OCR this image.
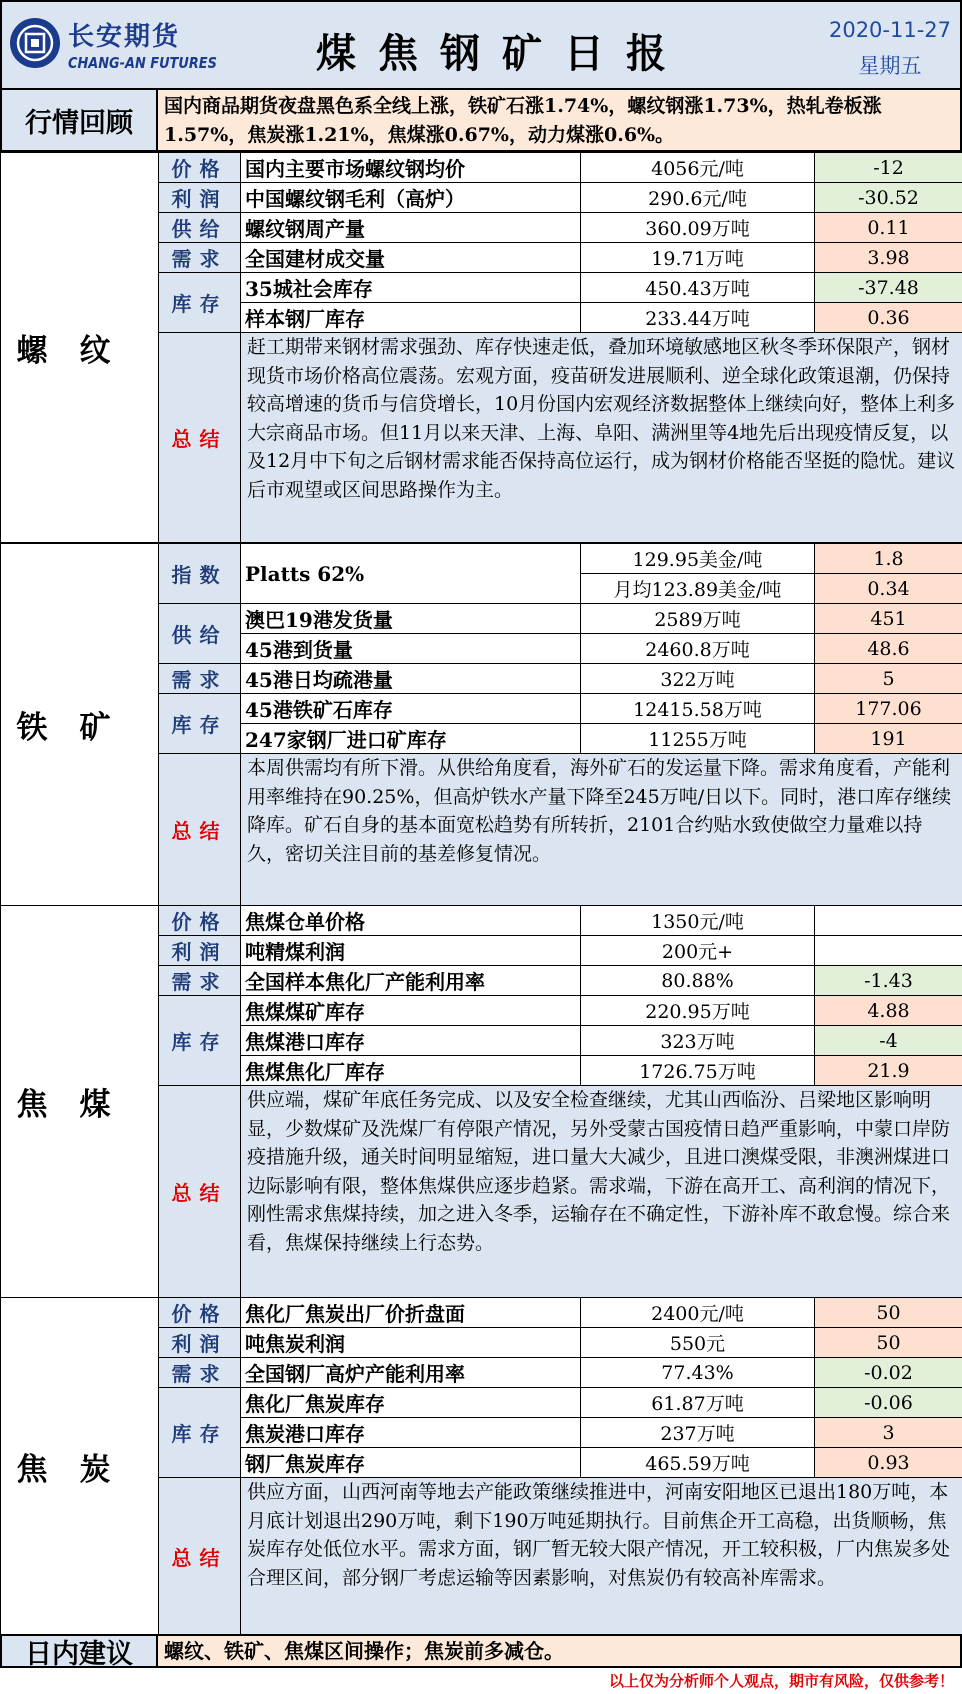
长安期货
CHANG-AN FUTURES	煤焦钢矿日报
2020-11-27
星期五
行情回顾
国内商品期货夜盘黑色系全线上涨，铁矿石涨1.74%，螺纹钢涨1.73%，热轧卷板涨1.57%，焦炭涨1.21%，焦煤涨0.67%，动力煤涨0.6%。
螺纹	价格	国内主要市场螺纹钢均价	4056元/吨	-12
	利润	中国螺纹钢毛利（高炉）	290.6元/吨	-30.52
	供给	螺纹钢周产量	360.09万吨	0.11
	需求	全国建材成交量	19.71万吨	3.98
	库存	35城社会库存	450.43万吨	-37.48
		样本钢厂库存	233.44万吨	0.36
	总结	赶工期带来钢材需求强劲、库存快速走低，叠加环境敏感地区秋冬季环保限产，钢材现货市场价格高位震荡。宏观方面，疫苗研发进展顺利、逆全球化政策退潮，仍保持较高增速的货币与信贷增长，10月份国内宏观经济数据整体上继续向好，整体上利多大宗商品市场。但11月以来天津、上海、阜阳、满洲里等4地先后出现疫情反复，以及12月中下旬之后钢材需求能否保持高位运行，成为钢材价格能否坚挺的隐忧。建议后市观望或区间思路操作为主。		
铁矿	指数	Platts 62%	129.95美金/吨	1.8
			月均123.89美金/吨	0.34
	供给	澳巴19港发货量	2589万吨	451
		45港到货量	2460.8万吨	48.6
	需求	45港日均疏港量	322万吨	5
	库存	45港铁矿石库存	12415.58万吨	177.06
		247家钢厂进口矿库存	11255万吨	191
	总结	本周供需均有所下滑。从供给角度看，海外矿石的发运量下降。需求角度看，产能利用率维持在90.25%，但高炉铁水产量下降至245万吨/日以下。同时，港口库存继续降库。矿石自身的基本面宽松趋势有所转折，2101合约贴水致使做空力量难以持久，密切关注目前的基差修复情况。		
焦煤	价格	焦煤仓单价格	1350元/吨	
	利润	吨精煤利润	200元+	
	需求	全国样本焦化厂产能利用率	80.88%	-1.43
	库存	焦煤煤矿库存	220.95万吨	4.88
		焦煤港口库存	323万吨	-4
		焦煤焦化厂库存	1726.75万吨	21.9
	总结	供应端，煤矿年底任务完成、以及安全检查继续，尤其山西临汾、吕梁地区影响明显，少数煤矿及洗煤厂有停限产情况，另外受蒙古国疫情日趋严重影响，中蒙口岸防疫措施升级，通关时间明显缩短，进口量大大减少，且进口澳煤受限，非澳洲煤进口边际影响有限，整体焦煤供应逐步趋紧。需求端，下游在高开工、高利润的情况下，刚性需求焦煤持续，加之进入冬季，运输存在不确定性，下游补库不敢怠慢。综合来看，焦煤保持继续上行态势。		
焦炭	价格	焦化厂焦炭出厂价折盘面	2400元/吨	50
	利润	吨焦炭利润	550元	50
	需求	全国钢厂高炉产能利用率	77.43%	-0.02
	库存	焦化厂焦炭库存	61.87万吨	-0.06
		焦炭港口库存	237万吨	3
		钢厂焦炭库存	465.59万吨	0.93
	总结	供应方面，山西河南等地去产能政策继续推进中，河南安阳地区已退出180万吨，本月底计划退出290万吨，剩下190万吨延期执行。目前焦企开工高稳，出货顺畅，焦炭库存处低位水平。需求方面，钢厂暂无较大限产情况，开工较积极，厂内焦炭多处合理区间，部分钢厂考虑运输等因素影响，对焦炭仍有较高补库需求。		
日内建议	螺纹、铁矿、焦煤区间操作；焦炭前多减仓。
以上仅为分析师个人观点，期市有风险，仅供参考！
